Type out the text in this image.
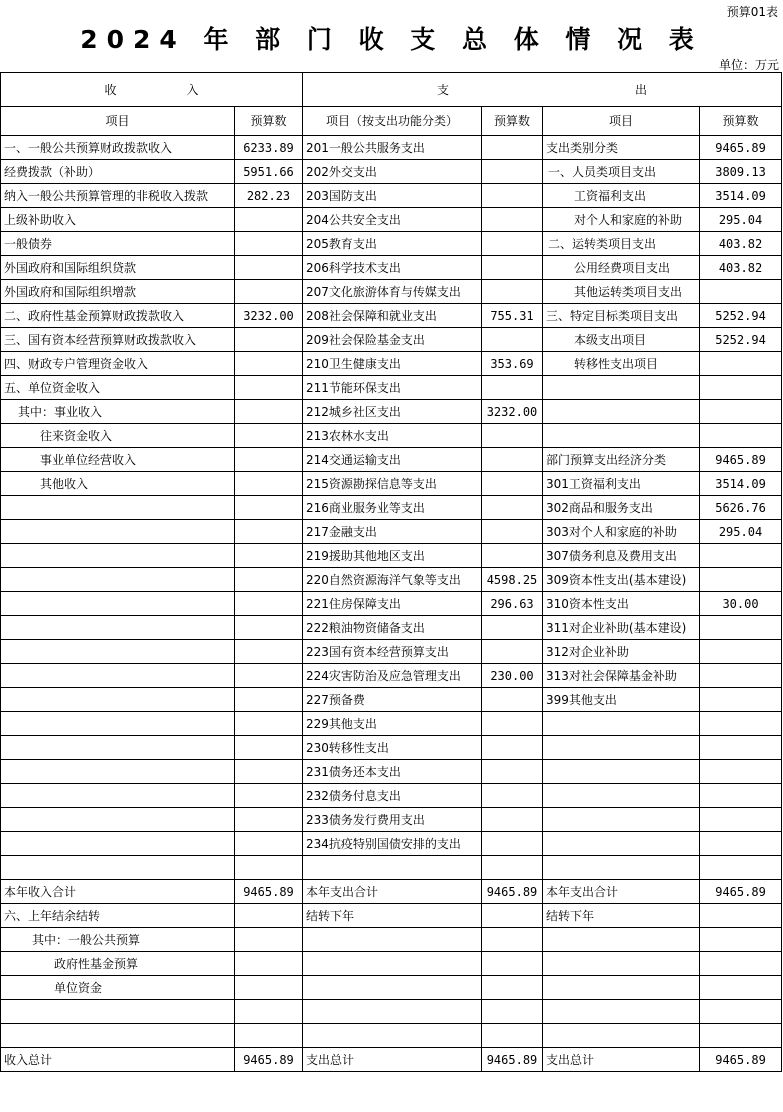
预算01表
2024 年 部 门 收 支 总 体 情 况 表
单位：万元
收 入		支 出			
项目	预算数	项目（按支出功能分类）	预算数	项目	预算数
一、一般公共预算财政拨款收入	6233.89	201一般公共服务支出		支出类别分类	9465.89
经费拨款（补助）	5951.66	202外交支出		一、人员类项目支出	3809.13
纳入一般公共预算管理的非税收入拨款	282.23	203国防支出		工资福利支出	3514.09
上级补助收入		204公共安全支出		对个人和家庭的补助	295.04
一般债券		205教育支出		二、运转类项目支出	403.82
外国政府和国际组织贷款		206科学技术支出		公用经费项目支出	403.82
外国政府和国际组织增款		207文化旅游体育与传媒支出		其他运转类项目支出	
二、政府性基金预算财政拨款收入	3232.00	208社会保障和就业支出	755.31	三、特定目标类项目支出	5252.94
三、国有资本经营预算财政拨款收入		209社会保险基金支出		本级支出项目	5252.94
四、财政专户管理资金收入		210卫生健康支出	353.69	转移性支出项目	
五、单位资金收入		211节能环保支出			
其中：事业收入		212城乡社区支出	3232.00		
往来资金收入		213农林水支出			
事业单位经营收入		214交通运输支出		部门预算支出经济分类	9465.89
其他收入		215资源勘探信息等支出		301工资福利支出	3514.09
		216商业服务业等支出		302商品和服务支出	5626.76
		217金融支出		303对个人和家庭的补助	295.04
		219援助其他地区支出		307债务利息及费用支出	
		220自然资源海洋气象等支出	4598.25	309资本性支出(基本建设)	
		221住房保障支出	296.63	310资本性支出	30.00
		222粮油物资储备支出		311对企业补助(基本建设)	
		223国有资本经营预算支出		312对企业补助	
		224灾害防治及应急管理支出	230.00	313对社会保障基金补助	
		227预备费		399其他支出	
		229其他支出			
		230转移性支出			
		231债务还本支出			
		232债务付息支出			
		233债务发行费用支出			
		234抗疫特别国债安排的支出			

本年收入合计	9465.89	本年支出合计	9465.89	本年支出合计	9465.89
六、上年结余结转		结转下年		结转下年	
其中：一般公共预算					
政府性基金预算					
单位资金					

收入总计	9465.89	支出总计	9465.89	支出总计	9465.89
